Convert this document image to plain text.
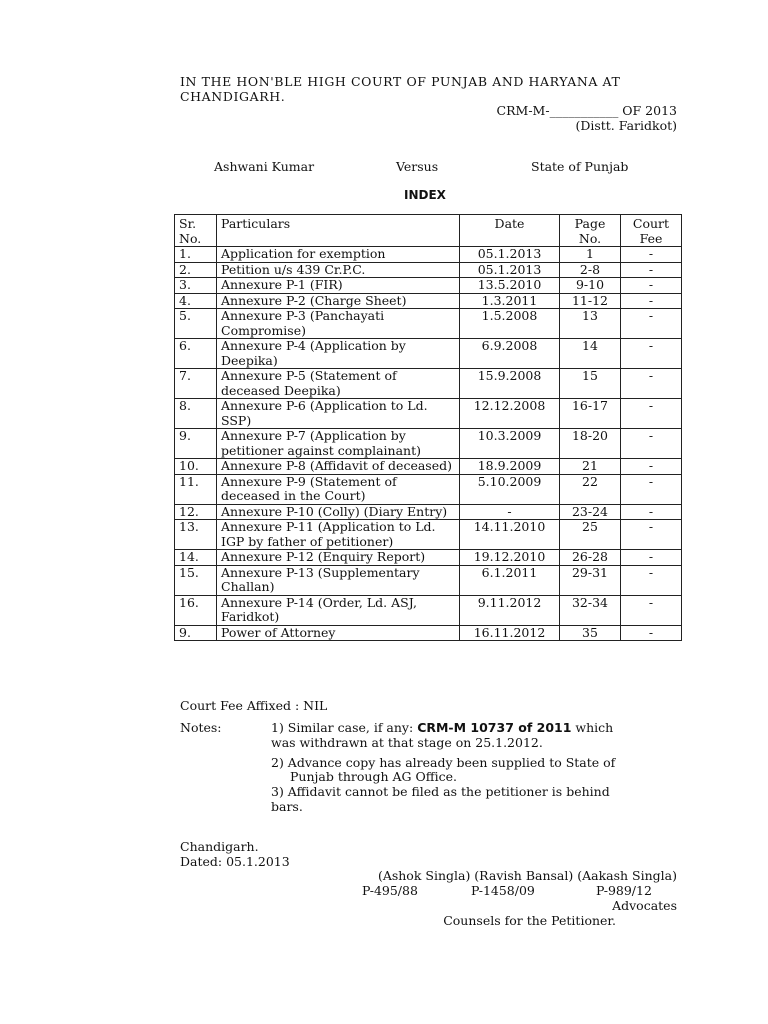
IN THE HON'BLE HIGH COURT OF PUNJAB AND HARYANA AT
CHANDIGARH.
CRM-M-___________ OF 2013
(Distt. Faridkot)
Ashwani Kumar	Versus	State of Punjab
INDEX
Sr. No.	Particulars	Date	Page No.	Court Fee
1.	Application for exemption	05.1.2013	1	-
2.	Petition u/s 439 Cr.P.C.	05.1.2013	2-8	-
3.	Annexure P-1 (FIR)	13.5.2010	9-10	-
4.	Annexure P-2 (Charge Sheet)	1.3.2011	11-12	-
5.	Annexure P-3 (Panchayati Compromise)	1.5.2008	13	-
6.	Annexure P-4 (Application by Deepika)	6.9.2008	14	-
7.	Annexure P-5 (Statement of deceased Deepika)	15.9.2008	15	-
8.	Annexure P-6 (Application to Ld. SSP)	12.12.2008	16-17	-
9.	Annexure P-7 (Application by petitioner against complainant)	10.3.2009	18-20	-
10.	Annexure P-8 (Affidavit of deceased)	18.9.2009	21	-
11.	Annexure P-9 (Statement of deceased in the Court)	5.10.2009	22	-
12.	Annexure P-10 (Colly) (Diary Entry)	-	23-24	-
13.	Annexure P-11 (Application to Ld. IGP by father of petitioner)	14.11.2010	25	-
14.	Annexure P-12 (Enquiry Report)	19.12.2010	26-28	-
15.	Annexure P-13 (Supplementary Challan)	6.1.2011	29-31	-
16.	Annexure P-14 (Order, Ld. ASJ, Faridkot)	9.11.2012	32-34	-
9.	Power of Attorney	16.11.2012	35	-
Court Fee Affixed : NIL
Notes:	1) Similar case, if any: CRM-M 10737 of 2011 which
was withdrawn at that stage on 25.1.2012.
2) Advance copy has already been supplied to State of
Punjab through AG Office.
3) Affidavit cannot be filed as the petitioner is behind
bars.
Chandigarh.
Dated: 05.1.2013
(Ashok Singla) (Ravish Bansal) (Aakash Singla)
P-495/88	P-1458/09	P-989/12
Advocates
Counsels for the Petitioner.
